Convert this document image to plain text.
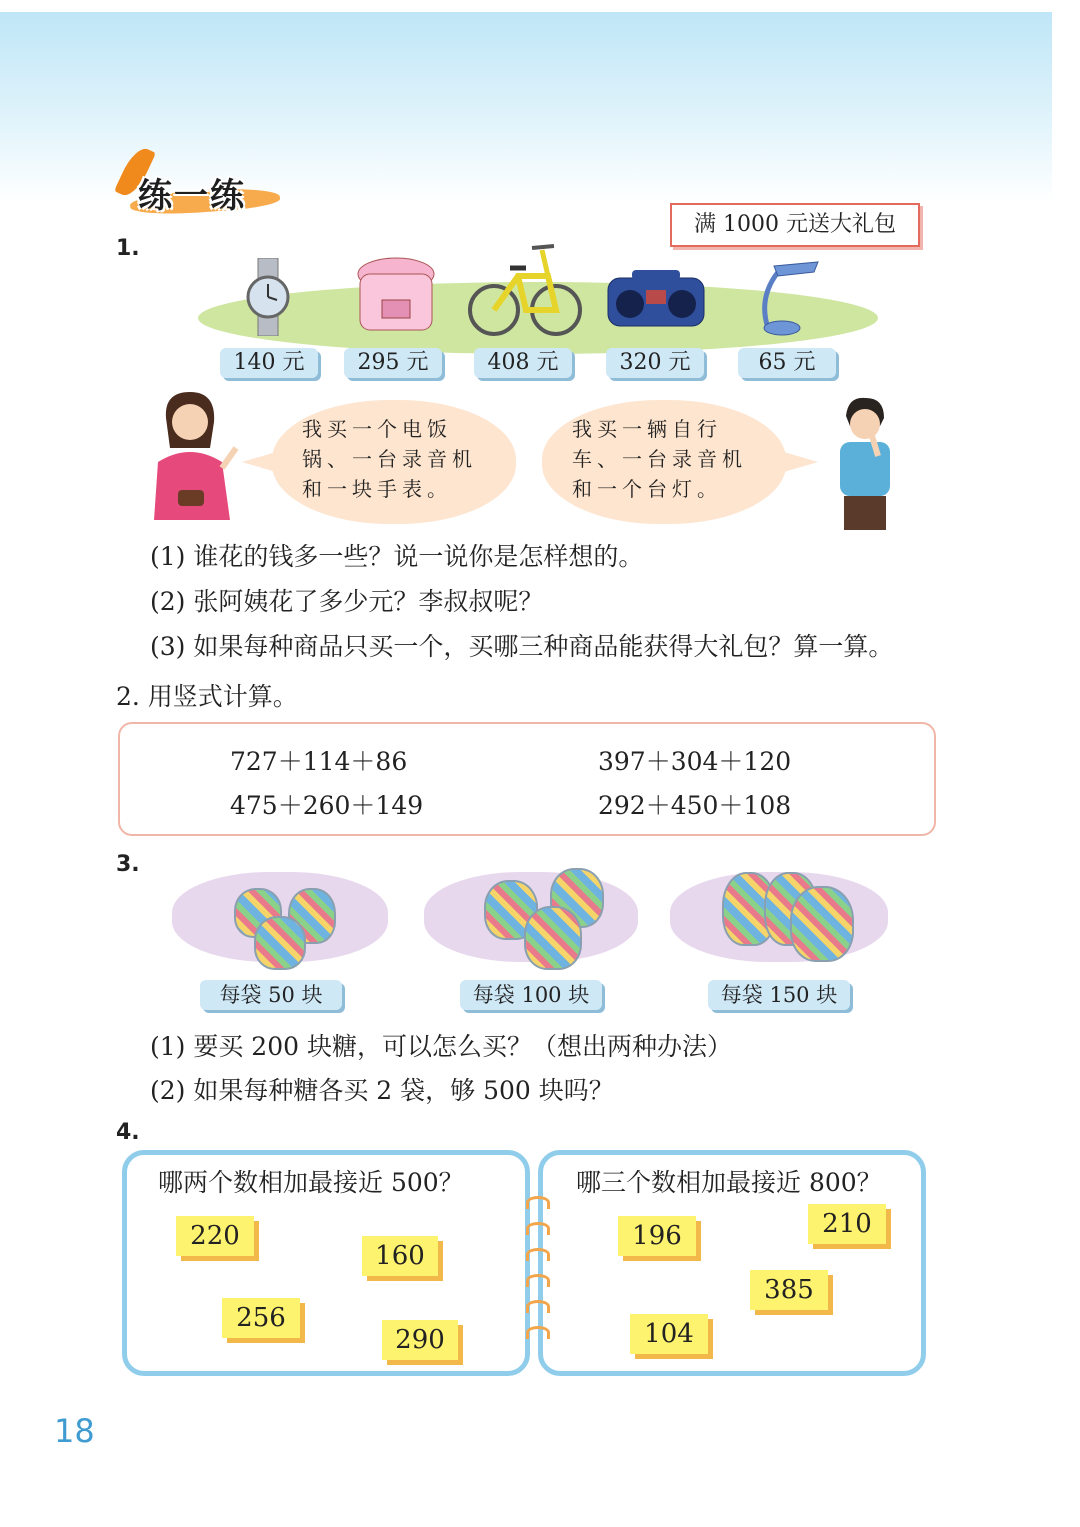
练一练
1.
满 1000 元送大礼包
140 元	295 元	408 元	320 元	65 元
我买一个电饭
锅、一台录音机
和一块手表。
我买一辆自行
车、一台录音机
和一个台灯。
(1) 谁花的钱多一些？说一说你是怎样想的。
(2) 张阿姨花了多少元？李叔叔呢？
(3) 如果每种商品只买一个，买哪三种商品能获得大礼包？算一算。
2. 用竖式计算。
727＋114＋86	397＋304＋120
475＋260＋149	292＋450＋108
3.
每袋 50 块	每袋 100 块	每袋 150 块
(1) 要买 200 块糖，可以怎么买？（想出两种办法）
(2) 如果每种糖各买 2 袋，够 500 块吗？
4.
哪两个数相加最接近 500？	哪三个数相加最接近 800？
220
160
256
290
196	210
385
104
18
